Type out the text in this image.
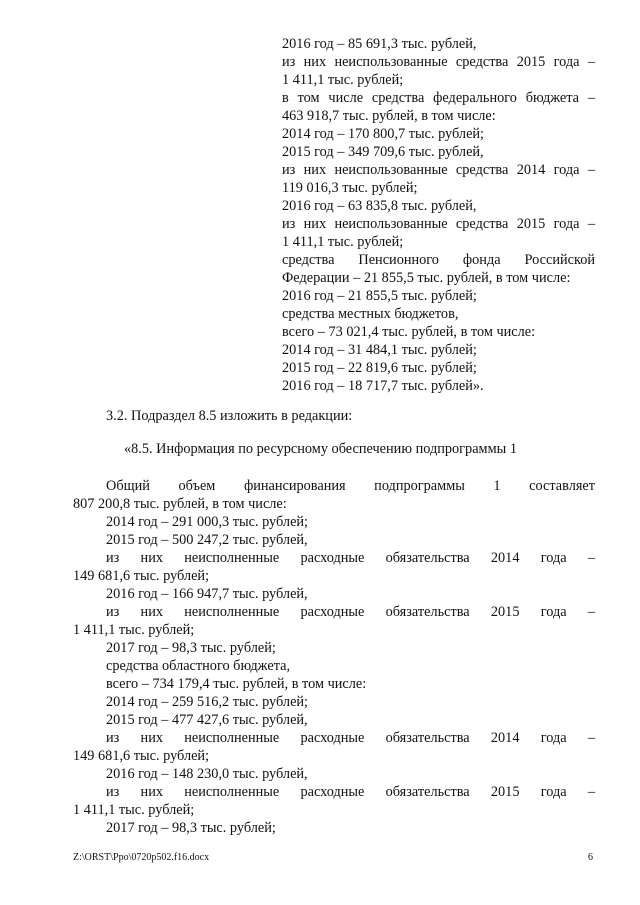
2016 год – 85 691,3 тыс. рублей,
из них неиспользованные средства 2015 года –
1 411,1 тыс. рублей;
в том числе средства федерального бюджета –
463 918,7 тыс. рублей, в том числе:
2014 год – 170 800,7 тыс. рублей;
2015 год – 349 709,6 тыс. рублей,
из них неиспользованные средства 2014 года –
119 016,3 тыс. рублей;
2016 год – 63 835,8 тыс. рублей,
из них неиспользованные средства 2015 года –
1 411,1 тыс. рублей;
средства Пенсионного фонда Российской
Федерации – 21 855,5 тыс. рублей, в том числе:
2016 год – 21 855,5 тыс. рублей;
средства местных бюджетов,
всего – 73 021,4 тыс. рублей, в том числе:
2014 год – 31 484,1 тыс. рублей;
2015 год – 22 819,6 тыс. рублей;
2016 год – 18 717,7 тыс. рублей».
3.2. Подраздел 8.5 изложить в редакции:
«8.5. Информация по ресурсному обеспечению подпрограммы 1
Общий объем финансирования подпрограммы 1 составляет
807 200,8 тыс. рублей, в том числе:
2014 год – 291 000,3 тыс. рублей;
2015 год – 500 247,2 тыс. рублей,
из них неисполненные расходные обязательства 2014 года –
149 681,6 тыс. рублей;
2016 год – 166 947,7 тыс. рублей,
из них неисполненные расходные обязательства 2015 года –
1 411,1 тыс. рублей;
2017 год – 98,3 тыс. рублей;
средства областного бюджета,
всего – 734 179,4 тыс. рублей, в том числе:
2014 год – 259 516,2 тыс. рублей;
2015 год – 477 427,6 тыс. рублей,
из них неисполненные расходные обязательства 2014 года –
149 681,6 тыс. рублей;
2016 год – 148 230,0 тыс. рублей,
из них неисполненные расходные обязательства 2015 года –
1 411,1 тыс. рублей;
2017 год – 98,3 тыс. рублей;
Z:\ORST\Ppo\0720p502.f16.docx	6
